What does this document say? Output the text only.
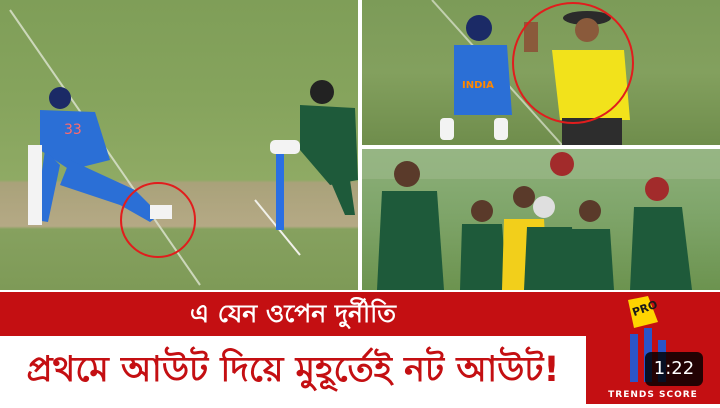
33
INDIA
এ যেন ওপেন দুর্নীতি
প্রথমে আউট দিয়ে মুহূর্তেই নট আউট!
PRO
1:22
TRENDS SCORE
